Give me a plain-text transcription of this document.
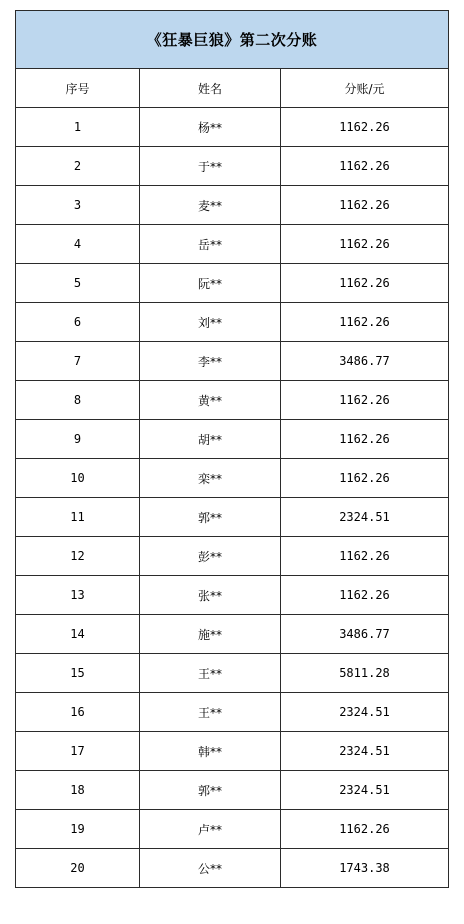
《狂暴巨狼》第二次分账		
序号	姓名	分账/元
1	杨**	1162.26
2	于**	1162.26
3	麦**	1162.26
4	岳**	1162.26
5	阮**	1162.26
6	刘**	1162.26
7	李**	3486.77
8	黄**	1162.26
9	胡**	1162.26
10	栾**	1162.26
11	郭**	2324.51
12	彭**	1162.26
13	张**	1162.26
14	施**	3486.77
15	王**	5811.28
16	王**	2324.51
17	韩**	2324.51
18	郭**	2324.51
19	卢**	1162.26
20	公**	1743.38
